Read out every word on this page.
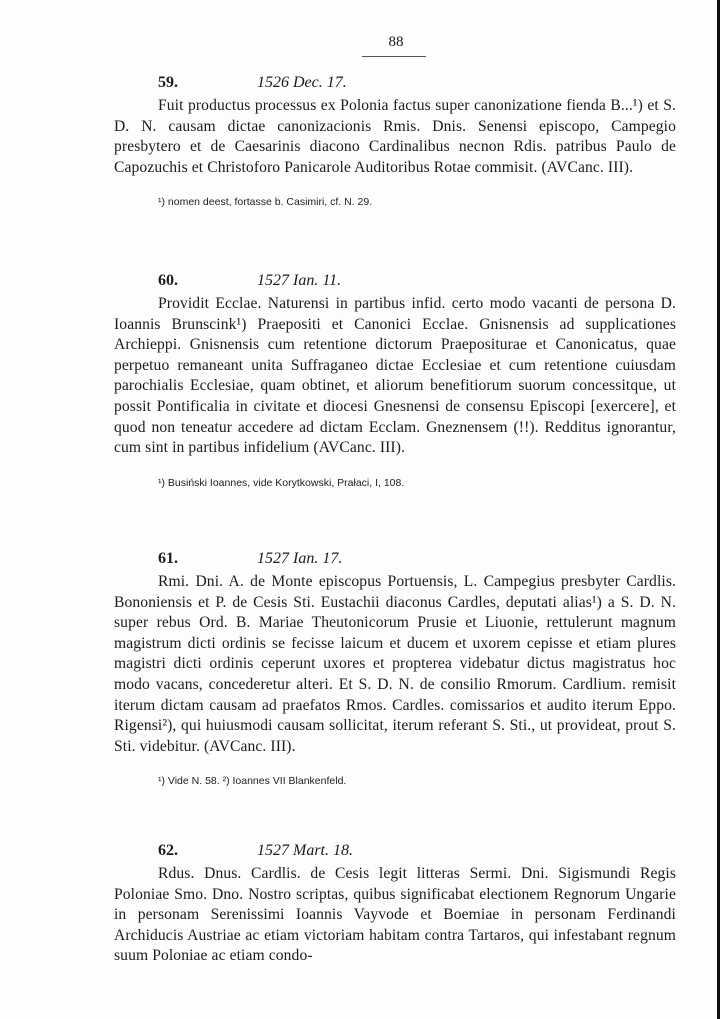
88
59.	1526 Dec. 17.

Fuit productus processus ex Polonia factus super canonizatione fienda B...¹) et S. D. N. causam dictae canonizacionis Rmis. Dnis. Senensi episcopo, Campegio presbytero et de Caesarinis diacono Cardinalibus necnon Rdis. patribus Paulo de Capozuchis et Christoforo Panicarole Auditoribus Rotae commisit. (AVCanc. III).

¹) nomen deest, fortasse b. Casimiri, cf. N. 29.

60.	1527 Ian. 11.

Providit Ecclae. Naturensi in partibus infid. certo modo vacanti de persona D. Ioannis Brunscink¹) Praepositi et Canonici Ecclae. Gnisnensis ad supplicationes Archieppi. Gnisnensis cum retentione dictorum Praepositurae et Canonicatus, quae perpetuo remaneant unita Suffraganeo dictae Ecclesiae et cum retentione cuiusdam parochialis Ecclesiae, quam obtinet, et aliorum benefitiorum suorum concessitque, ut possit Pontificalia in civitate et diocesi Gnesnensi de consensu Episcopi [exercere], et quod non teneatur accedere ad dictam Ecclam. Gneznensem (!!). Redditus ignorantur, cum sint in partibus infidelium (AVCanc. III).

¹) Busiński Ioannes, vide Korytkowski, Prałaci, I, 108.

61.	1527 Ian. 17.

Rmi. Dni. A. de Monte episcopus Portuensis, L. Campegius presbyter Cardlis. Bononiensis et P. de Cesis Sti. Eustachii diaconus Cardles, deputati alias¹) a S. D. N. super rebus Ord. B. Mariae Theutonicorum Prusie et Liuonie, rettulerunt magnum magistrum dicti ordinis se fecisse laicum et ducem et uxorem cepisse et etiam plures magistri dicti ordinis ceperunt uxores et propterea videbatur dictus magistratus hoc modo vacans, concederetur alteri. Et S. D. N. de consilio Rmorum. Cardlium. remisit iterum dictam causam ad praefatos Rmos. Cardles. comissarios et audito iterum Eppo. Rigensi²), qui huiusmodi causam sollicitat, iterum referant S. Sti., ut provideat, prout S. Sti. videbitur. (AVCanc. III).

¹) Vide N. 58. ²) Ioannes VII Blankenfeld.

62.	1527 Mart. 18.

Rdus. Dnus. Cardlis. de Cesis legit litteras Sermi. Dni. Sigismundi Regis Poloniae Smo. Dno. Nostro scriptas, quibus significabat electionem Regnorum Ungarie in personam Serenissimi Ioannis Vayvode et Boemiae in personam Ferdinandi Archiducis Austriae ac etiam victoriam habitam contra Tartaros, qui infestabant regnum suum Poloniae ac etiam condo-
